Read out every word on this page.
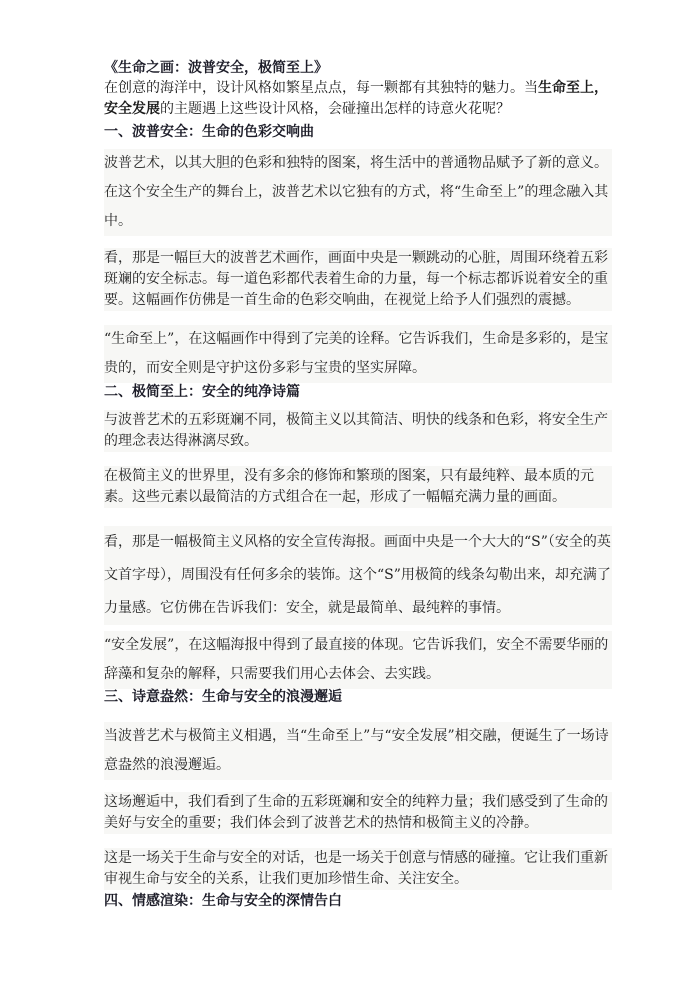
《生命之画：波普安全，极简至上》

在创意的海洋中，设计风格如繁星点点，每一颗都有其独特的魅力。当生命至上，安全发展的主题遇上这些设计风格，会碰撞出怎样的诗意火花呢？

一、波普安全：生命的色彩交响曲

波普艺术，以其大胆的色彩和独特的图案，将生活中的普通物品赋予了新的意义。在这个安全生产的舞台上，波普艺术以它独有的方式，将“生命至上”的理念融入其中。

看，那是一幅巨大的波普艺术画作，画面中央是一颗跳动的心脏，周围环绕着五彩斑斓的安全标志。每一道色彩都代表着生命的力量，每一个标志都诉说着安全的重要。这幅画作仿佛是一首生命的色彩交响曲，在视觉上给予人们强烈的震撼。

“生命至上”，在这幅画作中得到了完美的诠释。它告诉我们，生命是多彩的，是宝贵的，而安全则是守护这份多彩与宝贵的坚实屏障。

二、极简至上：安全的纯净诗篇

与波普艺术的五彩斑斓不同，极简主义以其简洁、明快的线条和色彩，将安全生产的理念表达得淋漓尽致。

在极简主义的世界里，没有多余的修饰和繁琐的图案，只有最纯粹、最本质的元素。这些元素以最简洁的方式组合在一起，形成了一幅幅充满力量的画面。

看，那是一幅极简主义风格的安全宣传海报。画面中央是一个大大的“S”（安全的英文首字母），周围没有任何多余的装饰。这个“S”用极简的线条勾勒出来，却充满了力量感。它仿佛在告诉我们：安全，就是最简单、最纯粹的事情。

“安全发展”，在这幅海报中得到了最直接的体现。它告诉我们，安全不需要华丽的辞藻和复杂的解释，只需要我们用心去体会、去实践。

三、诗意盎然：生命与安全的浪漫邂逅

当波普艺术与极简主义相遇，当“生命至上”与“安全发展”相交融，便诞生了一场诗意盎然的浪漫邂逅。

这场邂逅中，我们看到了生命的五彩斑斓和安全的纯粹力量；我们感受到了生命的美好与安全的重要；我们体会到了波普艺术的热情和极简主义的冷静。

这是一场关于生命与安全的对话，也是一场关于创意与情感的碰撞。它让我们重新审视生命与安全的关系，让我们更加珍惜生命、关注安全。

四、情感渲染：生命与安全的深情告白
